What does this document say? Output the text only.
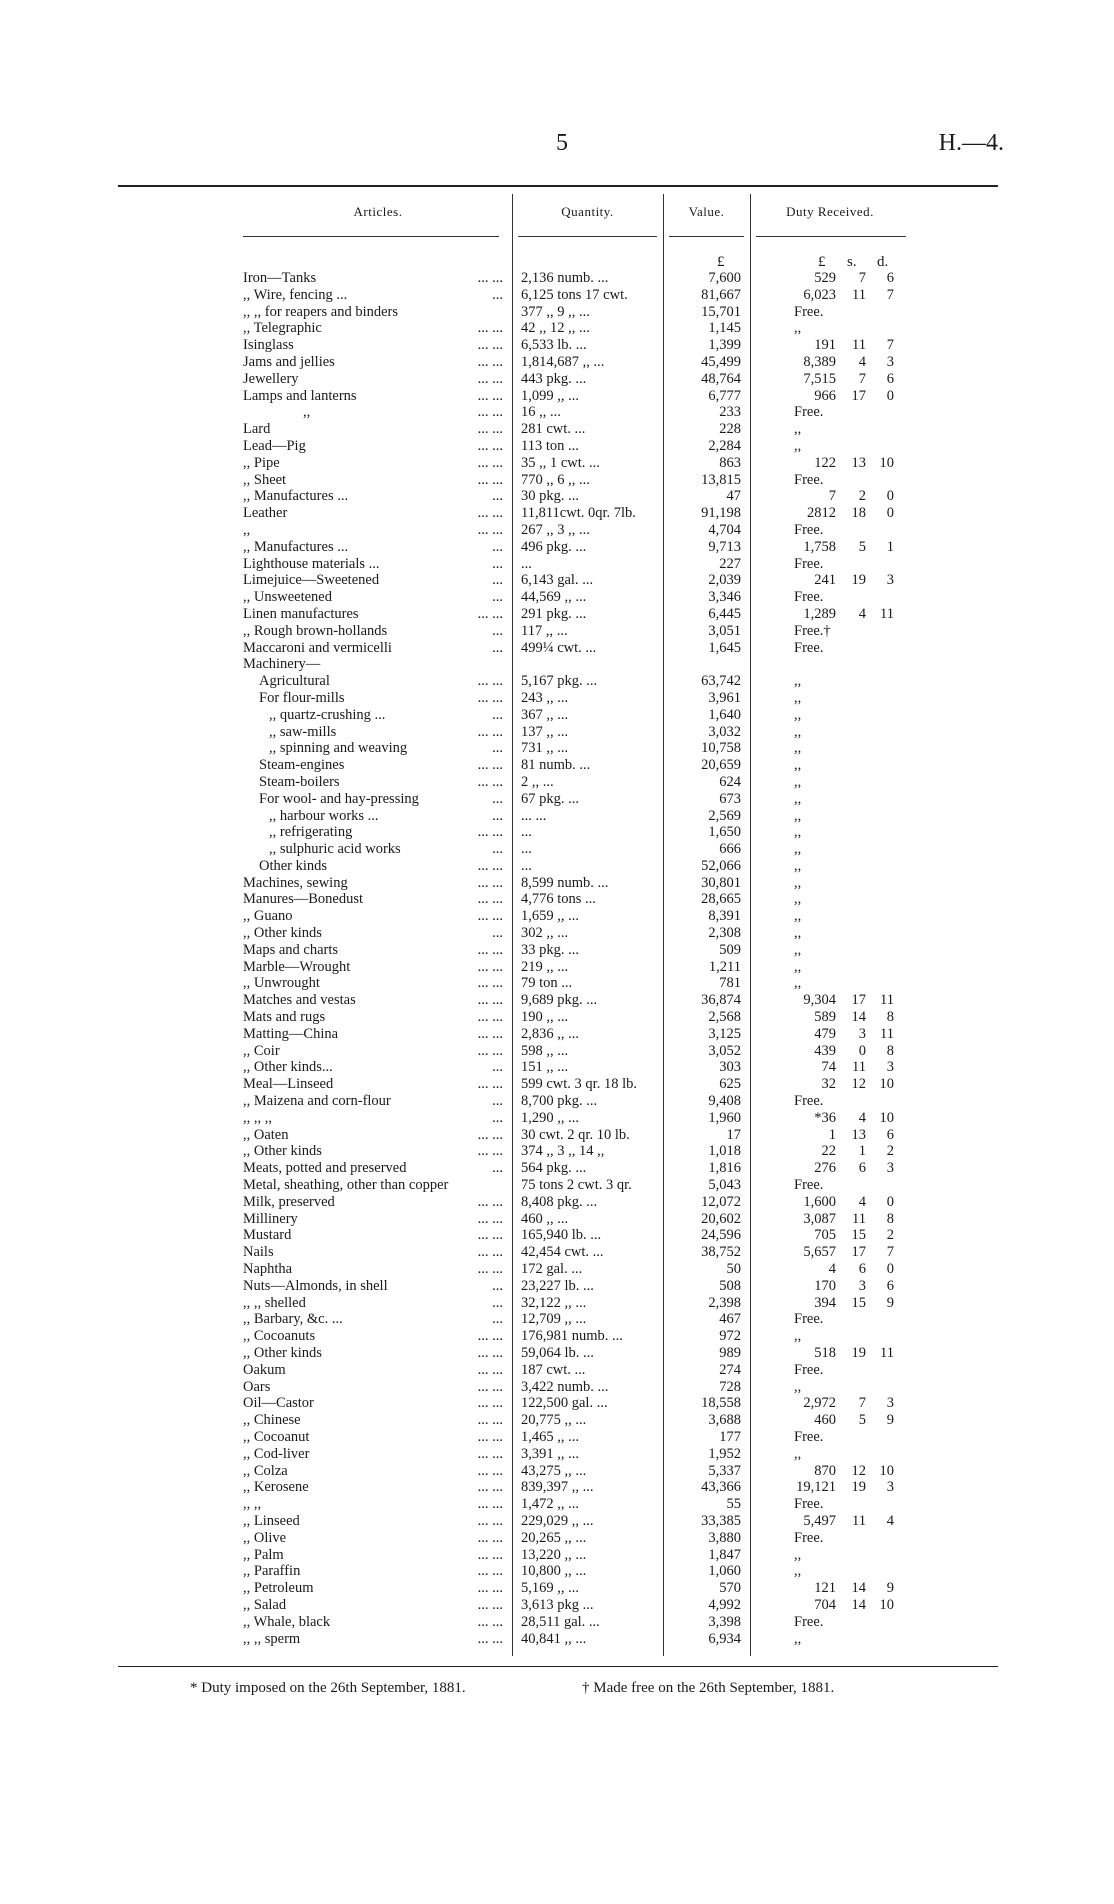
5	H.—4.
Articles.	Quantity.	Value.	Duty Received.
£	£ s. d.
Iron—Tanks	... ... 2,136 numb. ...	7,600	529	7	6
,, Wire, fencing ...	... 6,125 tons 17 cwt.	81,667	6,023	11	7
,, ,, for reapers and binders	377 ,, 9 ,, ...	15,701	Free.
,, Telegraphic	... ... 42 ,, 12 ,, ...	1,145	,,
Isinglass	... ... 6,533 lb. ...	1,399	191	11	7
Jams and jellies	... ... 1,814,687 ,, ...	45,499	8,389	4	3
Jewellery	... ... 443 pkg. ...	48,764	7,515	7	6
Lamps and lanterns	... ... 1,099 ,, ...	6,777	966	17	0
,,	... ... 16 ,, ...	233	Free.
Lard	... ... 281 cwt. ...	228	,,
Lead—Pig	... ... 113 ton ...	2,284	,,
,, Pipe	... ... 35 ,, 1 cwt. ...	863	122	13 10
,, Sheet	... ... 770 ,, 6 ,, ...	13,815	Free.
,, Manufactures ...	... 30 pkg. ...	47	7	2	0
Leather	... ... 11,811cwt. 0qr. 7lb.	91,198	2812	18	0
,,	... ... 267 ,, 3 ,, ...	4,704	Free.
,, Manufactures ...	... 496 pkg. ...	9,713	1,758	5	1
Lighthouse materials ...	... ...	227	Free.
Limejuice—Sweetened	... 6,143 gal. ...	2,039	241	19	3
,, Unsweetened	... 44,569 ,, ...	3,346	Free.
Linen manufactures	... ... 291 pkg. ...	6,445	1,289	4 11
,, Rough brown-hollands	... 117 ,, ...	3,051	Free.†
Maccaroni and vermicelli	... 499¼ cwt. ...	1,645	Free.
Machinery—
Agricultural	... ... 5,167 pkg. ...	63,742	,,
For flour-mills	... ... 243 ,, ...	3,961	,,
,, quartz-crushing ...	... 367 ,, ...	1,640	,,
,, saw-mills	... ... 137 ,, ...	3,032	,,
,, spinning and weaving	... 731 ,, ...	10,758	,,
Steam-engines	... ... 81 numb. ...	20,659	,,
Steam-boilers	... ... 2 ,, ...	624	,,
For wool- and hay-pressing	... 67 pkg. ...	673	,,
,, harbour works ...	... ... ...	2,569	,,
,, refrigerating	... ... ...	1,650	,,
,, sulphuric acid works	... ...	666	,,
Other kinds	... ... ...	52,066	,,
Machines, sewing	... ... 8,599 numb. ...	30,801	,,
Manures—Bonedust	... ... 4,776 tons ...	28,665	,,
,, Guano	... ... 1,659 ,, ...	8,391	,,
,, Other kinds	... 302 ,, ...	2,308	,,
Maps and charts	... ... 33 pkg. ...	509	,,
Marble—Wrought	... ... 219 ,, ...	1,211	,,
,, Unwrought	... ... 79 ton ...	781	,,
Matches and vestas	... ... 9,689 pkg. ...	36,874	9,304	17 11
Mats and rugs	... ... 190 ,, ...	2,568	589	14	8
Matting—China	... ... 2,836 ,, ...	3,125	479	3 11
,, Coir	... ... 598 ,, ...	3,052	439	0	8
,, Other kinds...	... 151 ,, ...	303	74	11	3
Meal—Linseed	... ... 599 cwt. 3 qr. 18 lb.	625	32	12 10
,, Maizena and corn-flour	... 8,700 pkg. ...	9,408	Free.
,, ,, ,,	... 1,290 ,, ...	1,960	*36	4 10
,, Oaten	... ... 30 cwt. 2 qr. 10 lb.	17	1	13	6
,, Other kinds	... ... 374 ,, 3 ,, 14 ,,	1,018	22	1	2
Meats, potted and preserved	... 564 pkg. ...	1,816	276	6	3
Metal, sheathing, other than copper	75 tons 2 cwt. 3 qr.	5,043	Free.
Milk, preserved	... ... 8,408 pkg. ...	12,072	1,600	4	0
Millinery	... ... 460 ,, ...	20,602	3,087	11	8
Mustard	... ... 165,940 lb. ...	24,596	705	15	2
Nails	... ... 42,454 cwt. ...	38,752	5,657	17	7
Naphtha	... ... 172 gal. ...	50	4	6	0
Nuts—Almonds, in shell	... 23,227 lb. ...	508	170	3	6
,, ,, shelled	... 32,122 ,, ...	2,398	394	15	9
,, Barbary, &c. ...	... 12,709 ,, ...	467	Free.
,, Cocoanuts	... ... 176,981 numb. ...	972	,,
,, Other kinds	... ... 59,064 lb. ...	989	518	19 11
Oakum	... ... 187 cwt. ...	274	Free.
Oars	... ... 3,422 numb. ...	728	,,
Oil—Castor	... ... 122,500 gal. ...	18,558	2,972	7	3
,, Chinese	... ... 20,775 ,, ...	3,688	460	5	9
,, Cocoanut	... ... 1,465 ,, ...	177	Free.
,, Cod-liver	... ... 3,391 ,, ...	1,952	,,
,, Colza	... ... 43,275 ,, ...	5,337	870	12 10
,, Kerosene	... ... 839,397 ,, ...	43,366	19,121	19	3
,, ,,	... ... 1,472 ,, ...	55	Free.
,, Linseed	... ... 229,029 ,, ...	33,385	5,497	11	4
,, Olive	... ... 20,265 ,, ...	3,880	Free.
,, Palm	... ... 13,220 ,, ...	1,847	,,
,, Paraffin	... ... 10,800 ,, ...	1,060	,,
,, Petroleum	... ... 5,169 ,, ...	570	121	14	9
,, Salad	... ... 3,613 pkg ...	4,992	704	14 10
,, Whale, black	... ... 28,511 gal. ...	3,398	Free.
,, ,, sperm	... ... 40,841 ,, ...	6,934	,,
* Duty imposed on the 26th September, 1881.	† Made free on the 26th September, 1881.
